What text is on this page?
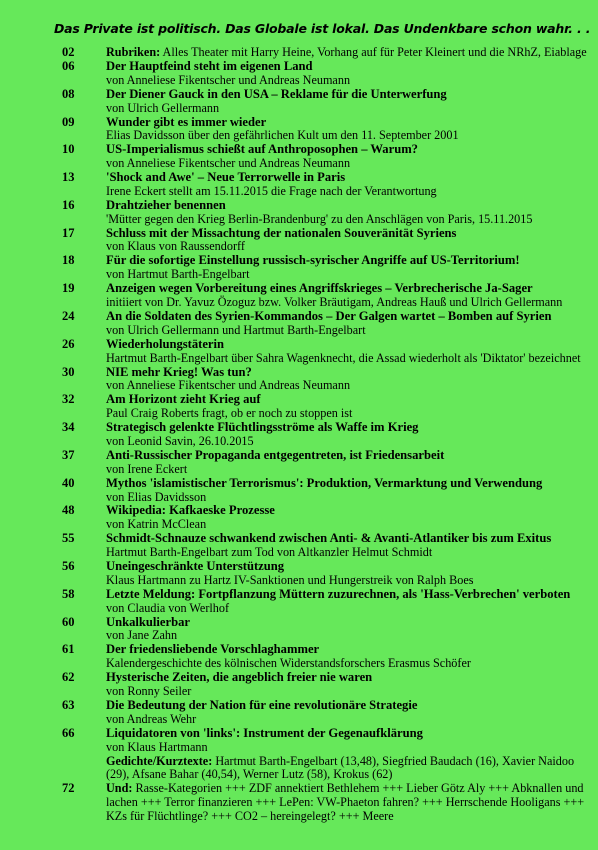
Das Private ist politisch. Das Globale ist lokal. Das Undenkbare schon wahr. . .
02	Rubriken: Alles Theater mit Harry Heine, Vorhang auf für Peter Kleinert und die NRhZ, Eiablage
06	Der Hauptfeind steht im eigenen Land
von Anneliese Fikentscher und Andreas Neumann
08	Der Diener Gauck in den USA – Reklame für die Unterwerfung
von Ulrich Gellermann
09	Wunder gibt es immer wieder
Elias Davidsson über den gefährlichen Kult um den 11. September 2001
10	US-Imperialismus schießt auf Anthroposophen – Warum?
von Anneliese Fikentscher und Andreas Neumann
13	'Shock and Awe' – Neue Terrorwelle in Paris
Irene Eckert stellt am 15.11.2015 die Frage nach der Verantwortung
16	Drahtzieher benennen
'Mütter gegen den Krieg Berlin-Brandenburg' zu den Anschlägen von Paris, 15.11.2015
17	Schluss mit der Missachtung der nationalen Souveränität Syriens
von Klaus von Raussendorff
18	Für die sofortige Einstellung russisch-syrischer Angriffe auf US-Territorium!
von Hartmut Barth-Engelbart
19	Anzeigen wegen Vorbereitung eines Angriffskrieges – Verbrecherische Ja-Sager
initiiert von Dr. Yavuz Özoguz bzw. Volker Bräutigam, Andreas Hauß und Ulrich Gellermann
24	An die Soldaten des Syrien-Kommandos – Der Galgen wartet – Bomben auf Syrien
von Ulrich Gellermann und Hartmut Barth-Engelbart
26	Wiederholungstäterin
Hartmut Barth-Engelbart über Sahra Wagenknecht, die Assad wiederholt als 'Diktator' bezeichnet
30	NIE mehr Krieg! Was tun?
von Anneliese Fikentscher und Andreas Neumann
32	Am Horizont zieht Krieg auf
Paul Craig Roberts fragt, ob er noch zu stoppen ist
34	Strategisch gelenkte Flüchtlingsströme als Waffe im Krieg
von Leonid Savin, 26.10.2015
37	Anti-Russischer Propaganda entgegentreten, ist Friedensarbeit
von Irene Eckert
40	Mythos 'islamistischer Terrorismus': Produktion, Vermarktung und Verwendung
von Elias Davidsson
48	Wikipedia: Kafkaeske Prozesse
von Katrin McClean
55	Schmidt-Schnauze schwankend zwischen Anti- & Avanti-Atlantiker bis zum Exitus
Hartmut Barth-Engelbart zum Tod von Altkanzler Helmut Schmidt
56	Uneingeschränkte Unterstützung
Klaus Hartmann zu Hartz IV-Sanktionen und Hungerstreik von Ralph Boes
58	Letzte Meldung: Fortpflanzung Müttern zuzurechnen, als 'Hass-Verbrechen' verboten
von Claudia von Werlhof
60	Unkalkulierbar
von Jane Zahn
61	Der friedensliebende Vorschlaghammer
Kalendergeschichte des kölnischen Widerstandsforschers Erasmus Schöfer
62	Hysterische Zeiten, die angeblich freier nie waren
von Ronny Seiler
63	Die Bedeutung der Nation für eine revolutionäre Strategie
von Andreas Wehr
66	Liquidatoren von 'links': Instrument der Gegenaufklärung
von Klaus Hartmann
Gedichte/Kurztexte: Hartmut Barth-Engelbart (13,48), Siegfried Baudach (16), Xavier Naidoo (29), Afsane Bahar (40,54), Werner Lutz (58), Krokus (62)
72	Und: Rasse-Kategorien +++ ZDF annektiert Bethlehem +++ Lieber Götz Aly +++ Abknallen und lachen +++ Terror finanzieren +++ LePen: VW-Phaeton fahren? +++ Herrschende Hooligans +++ KZs für Flüchtlinge? +++ CO2 – hereingelegt? +++ Meere
